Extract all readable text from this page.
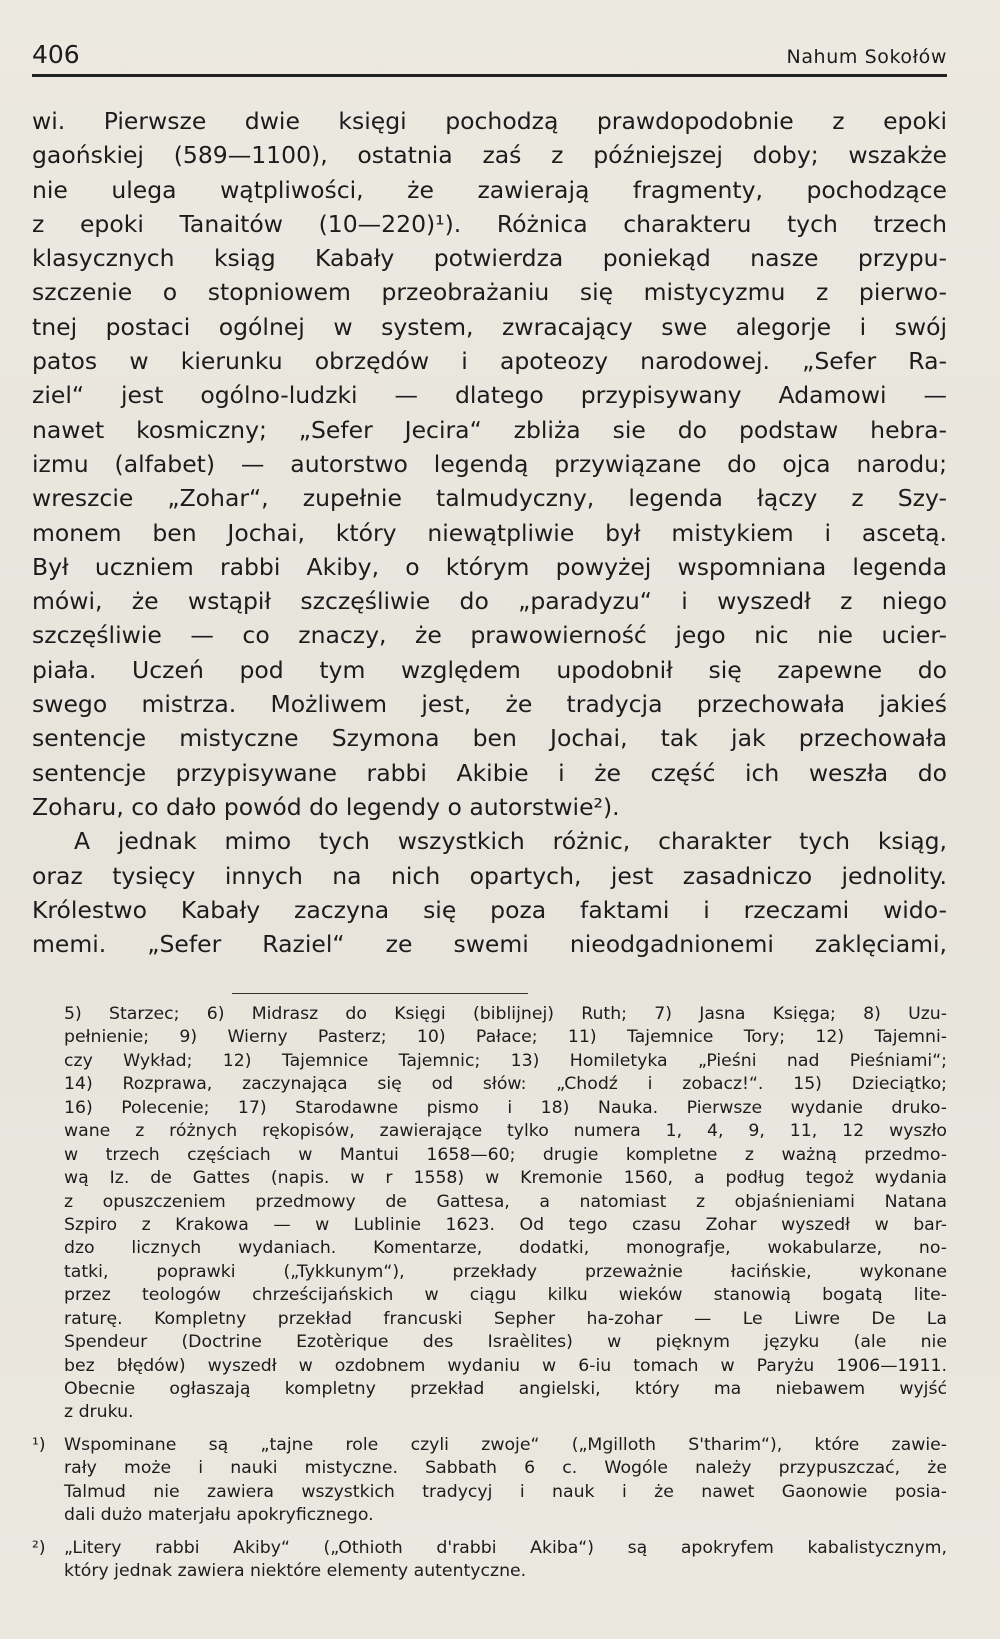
406	Nahum Sokołów
wi. Pierwsze dwie księgi pochodzą prawdopodobnie z epoki
gaońskiej (589—1100), ostatnia zaś z późniejszej doby; wszakże
nie ulega wątpliwości, że zawierają fragmenty, pochodzące
z epoki Tanaitów (10—220)¹). Różnica charakteru tych trzech
klasycznych ksiąg Kabały potwierdza poniekąd nasze przypu-
szczenie o stopniowem przeobrażaniu się mistycyzmu z pierwo-
tnej postaci ogólnej w system, zwracający swe alegorje i swój
patos w kierunku obrzędów i apoteozy narodowej. „Sefer Ra-
ziel“ jest ogólno-ludzki — dlatego przypisywany Adamowi —
nawet kosmiczny; „Sefer Jecira“ zbliża sie do podstaw hebra-
izmu (alfabet) — autorstwo legendą przywiązane do ojca narodu;
wreszcie „Zohar“, zupełnie talmudyczny, legenda łączy z Szy-
monem ben Jochai, który niewątpliwie był mistykiem i ascetą.
Był uczniem rabbi Akiby, o którym powyżej wspomniana legenda
mówi, że wstąpił szczęśliwie do „paradyzu“ i wyszedł z niego
szczęśliwie — co znaczy, że prawowierność jego nic nie ucier-
piała. Uczeń pod tym względem upodobnił się zapewne do
swego mistrza. Możliwem jest, że tradycja przechowała jakieś
sentencje mistyczne Szymona ben Jochai, tak jak przechowała
sentencje przypisywane rabbi Akibie i że część ich weszła do
Zoharu, co dało powód do legendy o autorstwie²).
A jednak mimo tych wszystkich różnic, charakter tych ksiąg,
oraz tysięcy innych na nich opartych, jest zasadniczo jednolity.
Królestwo Kabały zaczyna się poza faktami i rzeczami wido-
memi. „Sefer Raziel“ ze swemi nieodgadnionemi zaklęciami,
5) Starzec; 6) Midrasz do Księgi (biblijnej) Ruth; 7) Jasna Księga; 8) Uzu-
pełnienie; 9) Wierny Pasterz; 10) Pałace; 11) Tajemnice Tory; 12) Tajemni-
czy Wykład; 12) Tajemnice Tajemnic; 13) Homiletyka „Pieśni nad Pieśniami“;
14) Rozprawa, zaczynająca się od słów: „Chodź i zobacz!“. 15) Dzieciątko;
16) Polecenie; 17) Starodawne pismo i 18) Nauka. Pierwsze wydanie druko-
wane z różnych rękopisów, zawierające tylko numera 1, 4, 9, 11, 12 wyszło
w trzech częściach w Mantui 1658—60; drugie kompletne z ważną przedmo-
wą Iz. de Gattes (napis. w r 1558) w Kremonie 1560, a podług tegoż wydania
z opuszczeniem przedmowy de Gattesa, a natomiast z objaśnieniami Natana
Szpiro z Krakowa — w Lublinie 1623. Od tego czasu Zohar wyszedł w bar-
dzo licznych wydaniach. Komentarze, dodatki, monografje, wokabularze, no-
tatki, poprawki („Tykkunym“), przekłady przeważnie łacińskie, wykonane
przez teologów chrześcijańskich w ciągu kilku wieków stanowią bogatą lite-
raturę. Kompletny przekład francuski Sepher ha-zohar — Le Liwre De La
Spendeur (Doctrine Ezotèrique des Israèlites) w pięknym języku (ale nie
bez błędów) wyszedł w ozdobnem wydaniu w 6-iu tomach w Paryżu 1906—1911.
Obecnie ogłaszają kompletny przekład angielski, który ma niebawem wyjść
z druku.
¹)	Wspominane są „tajne role czyli zwoje“ („Mgilloth S'tharim“), które zawie-
rały może i nauki mistyczne. Sabbath 6 c. Wogóle należy przypuszczać, że
Talmud nie zawiera wszystkich tradycyj i nauk i że nawet Gaonowie posia-
dali dużo materjału apokryficznego.
²)	„Litery rabbi Akiby“ („Othioth d'rabbi Akiba“) są apokryfem kabalistycznym,
który jednak zawiera niektóre elementy autentyczne.
